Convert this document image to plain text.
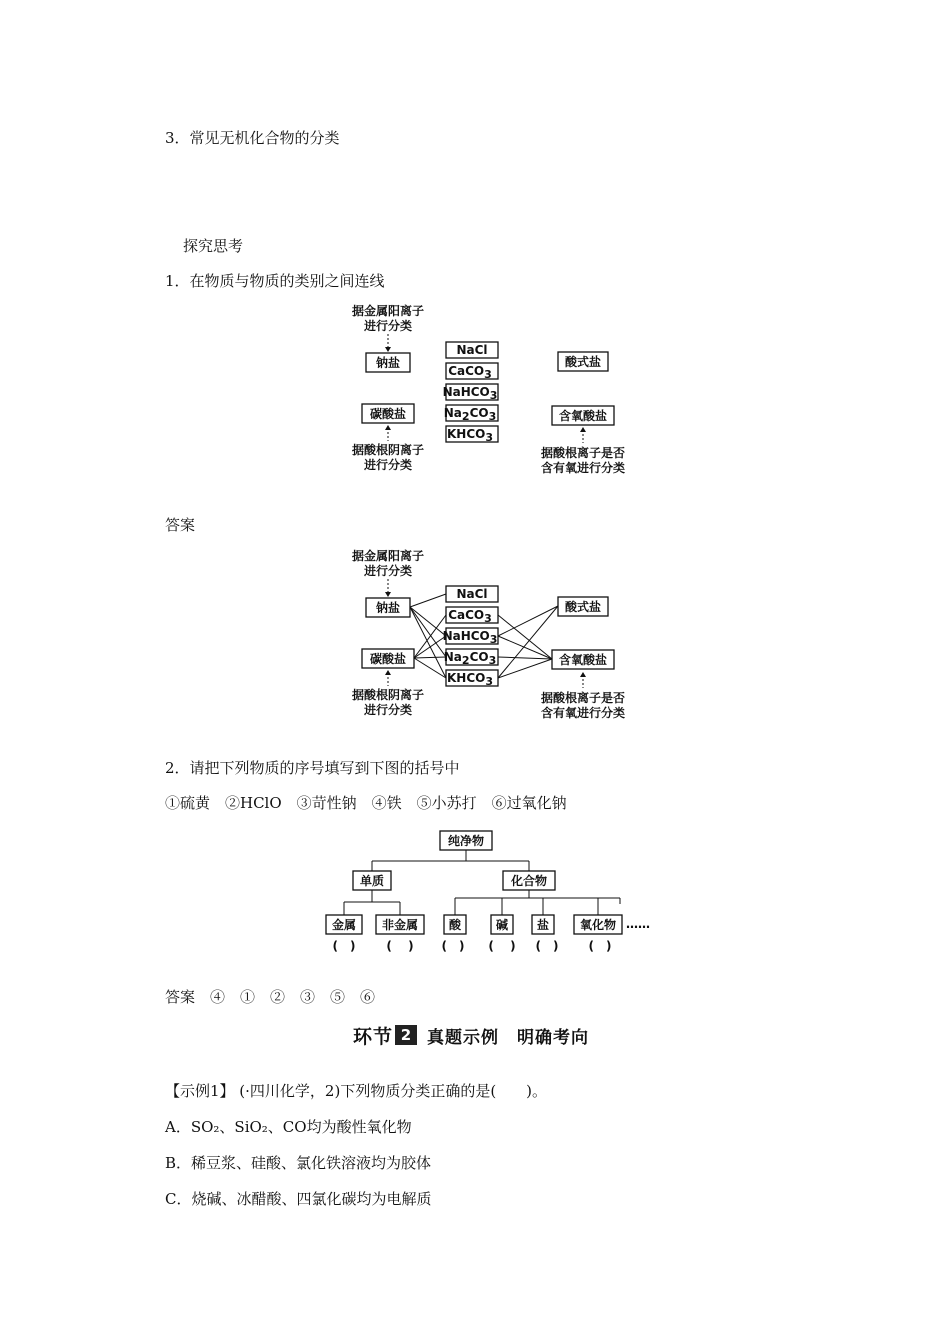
3．常见无机化合物的分类
探究思考
1．在物质与物质的类别之间连线
据金属阳离子
进行分类
钠盐
碳酸盐
据酸根阴离子
进行分类
NaCl
CaCO3
NaHCO3
Na2CO3
KHCO3
酸式盐
含氧酸盐
据酸根离子是否
含有氧进行分类
答案
据金属阳离子
进行分类
钠盐
碳酸盐
据酸根阴离子
进行分类
NaCl
CaCO3
NaHCO3
Na2CO3
KHCO3
酸式盐
含氧酸盐
据酸根离子是否
含有氧进行分类
2．请把下列物质的序号填写到下图的括号中
①硫黄　②HClO　③苛性钠　④铁　⑤小苏打　⑥过氧化钠
纯净物
单质	化合物
金属 非金属	酸	碱 盐	氧化物 ……
(　)	(　 ) (　) (　 ) (　)	(　)
答案　④　①　②　③　⑤　⑥
环节 2 真题示例　明确考向
【示例1】 (·四川化学，2)下列物质分类正确的是(　　)。
A．SO₂、SiO₂、CO均为酸性氧化物
B．稀豆浆、硅酸、氯化铁溶液均为胶体
C．烧碱、冰醋酸、四氯化碳均为电解质
